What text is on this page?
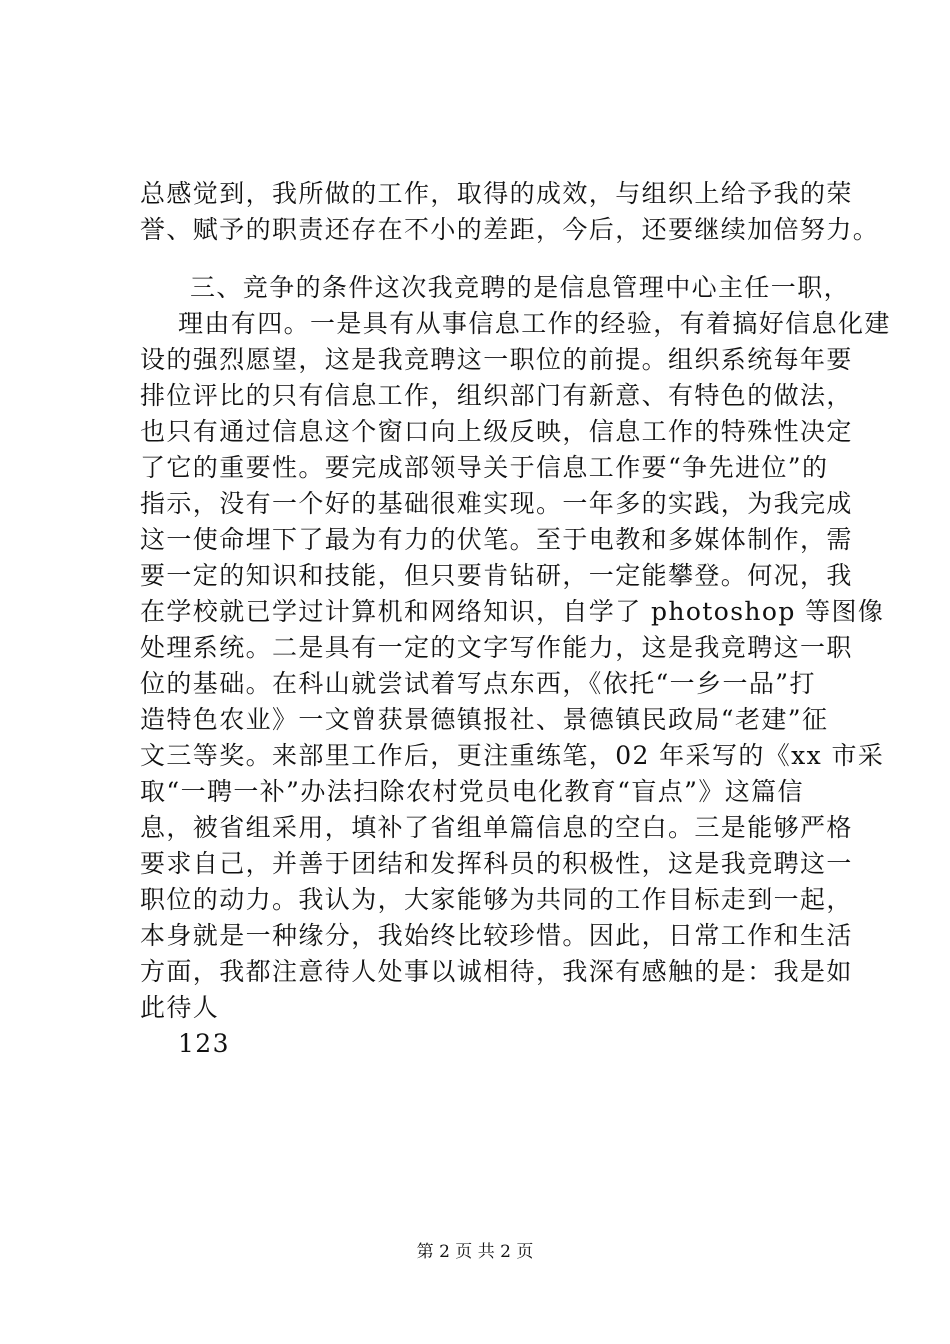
总感觉到，我所做的工作，取得的成效，与组织上给予我的荣
誉、赋予的职责还存在不小的差距，今后，还要继续加倍努力。
三、竞争的条件这次我竞聘的是信息管理中心主任一职，
理由有四。一是具有从事信息工作的经验，有着搞好信息化建
设的强烈愿望，这是我竞聘这一职位的前提。组织系统每年要
排位评比的只有信息工作，组织部门有新意、有特色的做法，
也只有通过信息这个窗口向上级反映，信息工作的特殊性决定
了它的重要性。要完成部领导关于信息工作要“争先进位”的
指示，没有一个好的基础很难实现。一年多的实践，为我完成
这一使命埋下了最为有力的伏笔。至于电教和多媒体制作，需
要一定的知识和技能，但只要肯钻研，一定能攀登。何况，我
在学校就已学过计算机和网络知识，自学了 photoshop 等图像
处理系统。二是具有一定的文字写作能力，这是我竞聘这一职
位的基础。在科山就尝试着写点东西，《依托“一乡一品”打
造特色农业》一文曾获景德镇报社、景德镇民政局“老建”征
文三等奖。来部里工作后，更注重练笔，02 年采写的《xx 市采
取“一聘一补”办法扫除农村党员电化教育“盲点”》这篇信
息，被省组采用，填补了省组单篇信息的空白。三是能够严格
要求自己，并善于团结和发挥科员的积极性，这是我竞聘这一
职位的动力。我认为，大家能够为共同的工作目标走到一起，
本身就是一种缘分，我始终比较珍惜。因此，日常工作和生活
方面，我都注意待人处事以诚相待，我深有感触的是：我是如
此待人
123
第 2 页 共 2 页
